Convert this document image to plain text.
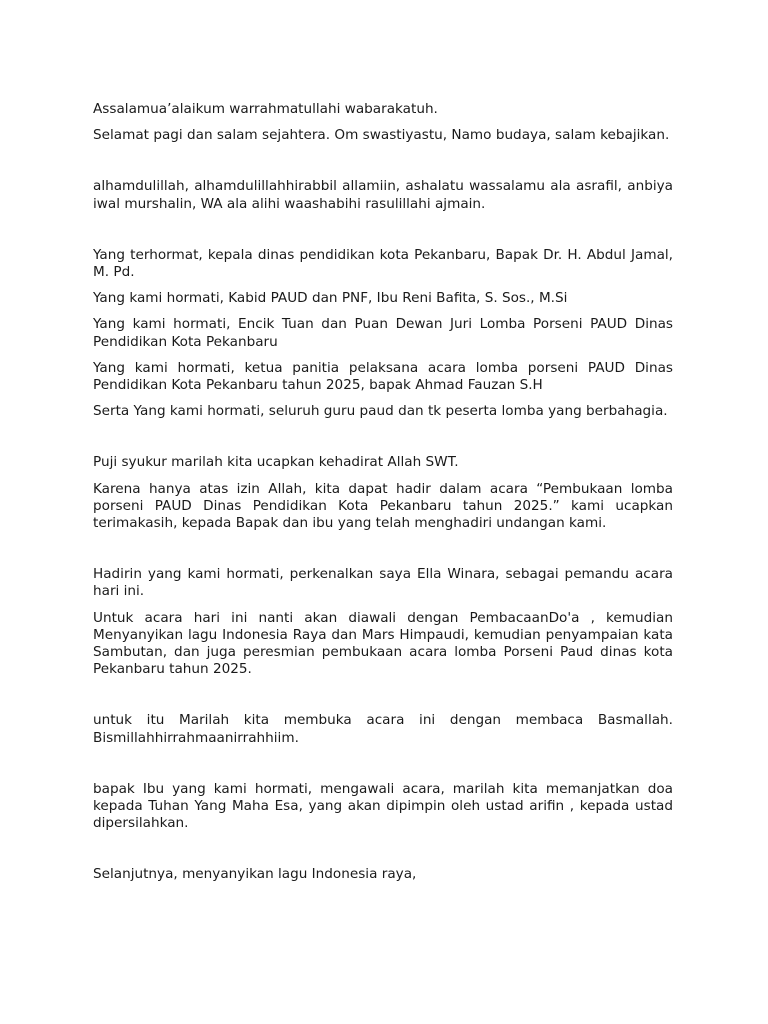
Assalamua’alaikum warrahmatullahi wabarakatuh.

Selamat pagi dan salam sejahtera. Om swastiyastu, Namo budaya, salam kebajikan.

alhamdulillah, alhamdulillahhirabbil allamiin, ashalatu wassalamu ala asrafil, anbiya iwal murshalin, WA ala alihi waashabihi rasulillahi ajmain.

Yang terhormat, kepala dinas pendidikan kota Pekanbaru, Bapak Dr. H. Abdul Jamal, M. Pd.

Yang kami hormati, Kabid PAUD dan PNF, Ibu Reni Bafita, S. Sos., M.Si

Yang kami hormati, Encik Tuan dan Puan Dewan Juri Lomba Porseni PAUD Dinas Pendidikan Kota Pekanbaru

Yang kami hormati, ketua panitia pelaksana acara lomba porseni PAUD Dinas Pendidikan Kota Pekanbaru tahun 2025, bapak Ahmad Fauzan S.H

Serta Yang kami hormati, seluruh guru paud dan tk peserta lomba yang berbahagia.

Puji syukur marilah kita ucapkan kehadirat Allah SWT.

Karena hanya atas izin Allah, kita dapat hadir dalam acara “Pembukaan lomba porseni PAUD Dinas Pendidikan Kota Pekanbaru tahun 2025.” kami ucapkan terimakasih, kepada Bapak dan ibu yang telah menghadiri undangan kami.

Hadirin yang kami hormati, perkenalkan saya Ella Winara, sebagai pemandu acara hari ini.

Untuk acara hari ini nanti akan diawali dengan PembacaanDo'a , kemudian Menyanyikan lagu Indonesia Raya dan Mars Himpaudi, kemudian penyampaian kata Sambutan, dan juga peresmian pembukaan acara lomba Porseni Paud dinas kota Pekanbaru tahun 2025.

untuk itu Marilah kita membuka acara ini dengan membaca Basmallah. Bismillahhirrahmaanirrahhiim.

bapak Ibu yang kami hormati, mengawali acara, marilah kita memanjatkan doa kepada Tuhan Yang Maha Esa, yang akan dipimpin oleh ustad arifin , kepada ustad dipersilahkan.

Selanjutnya, menyanyikan lagu Indonesia raya,
